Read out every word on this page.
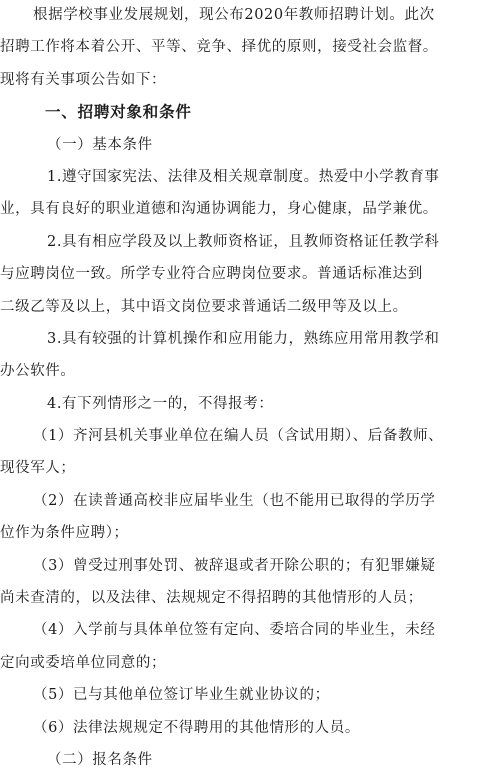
根据学校事业发展规划，现公布2020年教师招聘计划。此次
招聘工作将本着公开、平等、竞争、择优的原则，接受社会监督。
现将有关事项公告如下：
一、招聘对象和条件
（一）基本条件
1.遵守国家宪法、法律及相关规章制度。热爱中小学教育事
业，具有良好的职业道德和沟通协调能力，身心健康，品学兼优。
2.具有相应学段及以上教师资格证，且教师资格证任教学科
与应聘岗位一致。所学专业符合应聘岗位要求。普通话标准达到
二级乙等及以上，其中语文岗位要求普通话二级甲等及以上。
3.具有较强的计算机操作和应用能力，熟练应用常用教学和
办公软件。
4.有下列情形之一的，不得报考：
（1）齐河县机关事业单位在编人员（含试用期）、后备教师、
现役军人；
（2）在读普通高校非应届毕业生（也不能用已取得的学历学
位作为条件应聘）；
（3）曾受过刑事处罚、被辞退或者开除公职的；有犯罪嫌疑
尚未查清的，以及法律、法规规定不得招聘的其他情形的人员；
（4）入学前与具体单位签有定向、委培合同的毕业生，未经
定向或委培单位同意的；
（5）已与其他单位签订毕业生就业协议的；
（6）法律法规规定不得聘用的其他情形的人员。
（二）报名条件
